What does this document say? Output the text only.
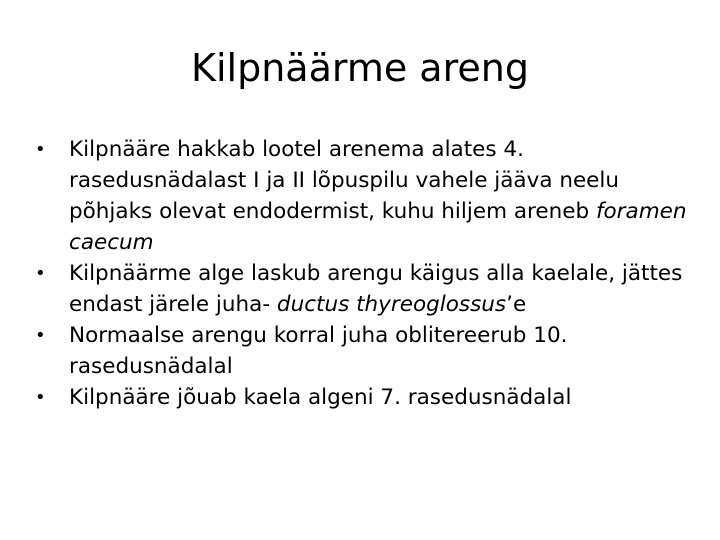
Kilpnäärme areng
• Kilpnääre hakkab lootel arenema alates 4. rasedusnädalast I ja II lõpuspilu vahele jääva neelu põhjaks olevat endodermist, kuhu hiljem areneb foramen caecum
• Kilpnäärme alge laskub arengu käigus alla kaelale, jättes endast järele juha- ductus thyreoglossus’e
• Normaalse arengu korral juha oblitereerub 10. rasedusnädalal
• Kilpnääre jõuab kaela algeni 7. rasedusnädalal
